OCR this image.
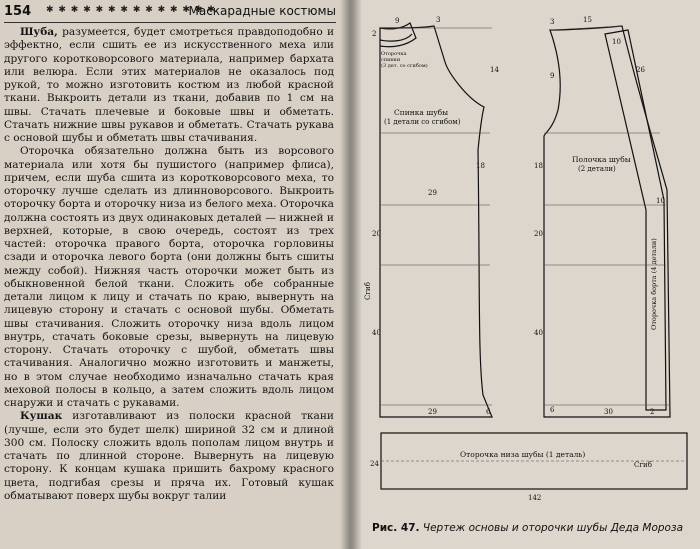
154 ✱ ✱ ✱ ✱ ✱ ✱ ✱ ✱ ✱ ✱ ✱ ✱ ✱ ✱
Маскарадные костюмы

Шуба, разумеется, будет смотреться правдоподобно и эффектно, если сшить ее из искусственного меха или другого коротковорсового материала, например бархата или велюра. Если этих материалов не оказалось под рукой, то можно изготовить костюм из любой красной ткани. Выкроить детали из ткани, добавив по 1 см на швы. Стачать плечевые и боковые швы и обметать. Стачать нижние швы рукавов и обметать. Стачать рукава с основой шубы и обметать швы стачивания.

Оторочка обязательно должна быть из ворсового материала или хотя бы пушистого (например флиса), причем, если шуба сшита из коротковорсового меха, то оторочку лучше сделать из длинноворсового. Выкроить оторочку борта и оторочку низа из белого меха. Оторочка должна состоять из двух одинаковых деталей — нижней и верхней, которые, в свою очередь, состоят из трех частей: оторочка правого борта, оторочка горловины сзади и оторочка левого борта (они должны быть сшиты между собой). Нижняя часть оторочки может быть из обыкновенной белой ткани. Сложить обе собранные детали лицом к лицу и стачать по краю, вывернуть на лицевую сторону и стачать с основой шубы. Обметать швы стачивания. Сложить оторочку низа вдоль лицом внутрь, стачать боковые срезы, вывернуть на лицевую сторону. Стачать оторочку с шубой, обметать швы стачивания. Аналогично можно изготовить и манжеты, но в этом случае необходимо изначально стачать края меховой полосы в кольцо, а затем сложить вдоль лицом снаружи и стачать с рукавами.

Кушак изготавливают из полоски красной ткани (лучше, если это будет шелк) шириной 32 см и длиной 300 см. Полоску сложить вдоль пополам лицом внутрь и стачать по длинной стороне. Вывернуть на лицевую сторону. К концам кушака пришить бахрому красного цвета, подгибая срезы и пряча их. Готовый кушак обматывают поверх шубы вокруг талии

9
2
3
Оторочка
спинки
(3 дет. со сгибом)	14
Спинка шубы
(1 детали со сгибом)
18
29
20
Сгиб
40
29	6
15
3
10
26
9
Полочка шубы
(2 детали)
18
10
20
Оторочка борта (4 детали)
40
6	30	2
Оторочка низа шубы (1 деталь)
Сгиб
24
142
Рис. 47. Чертеж основы и оторочки шубы Деда Мороза
